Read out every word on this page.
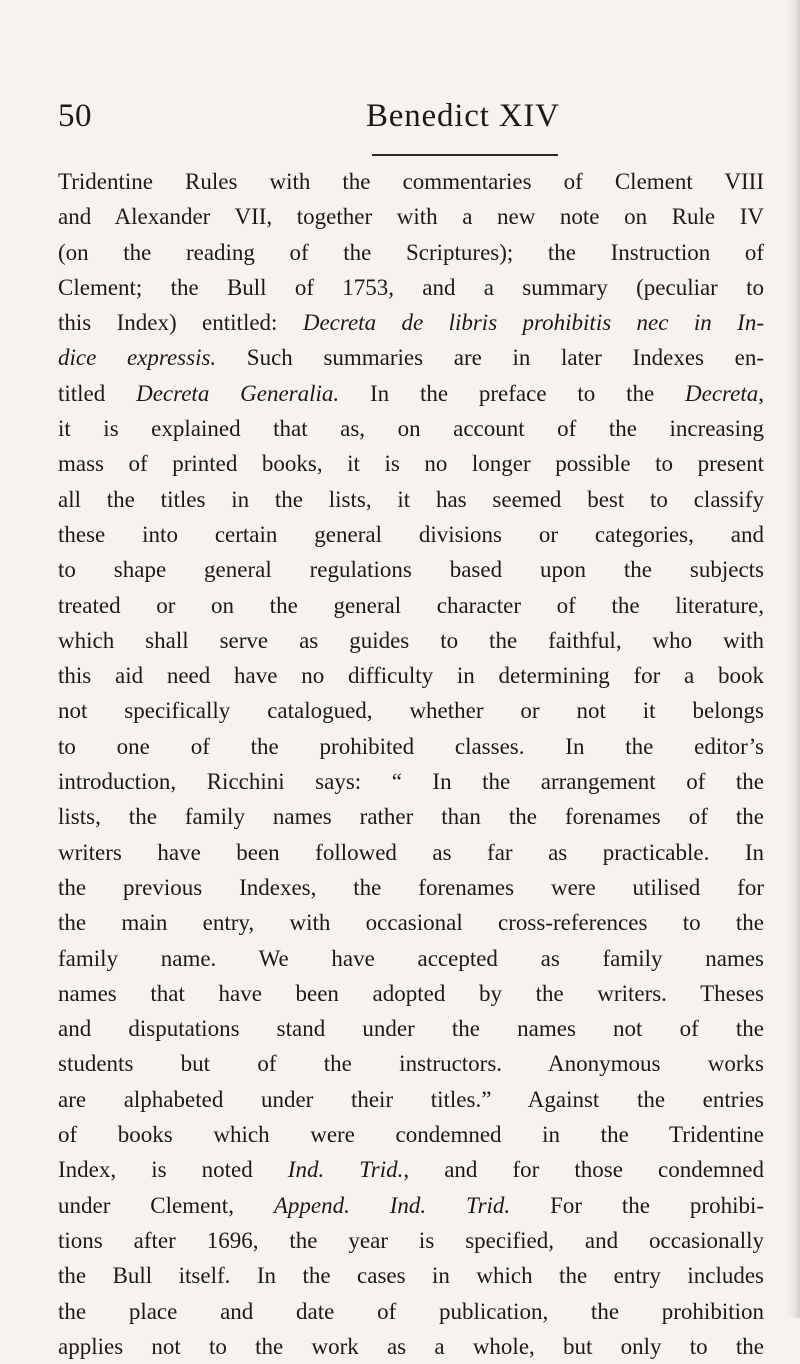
50	Benedict XIV
Tridentine Rules with the commentaries of Clement VIII
and Alexander VII, together with a new note on Rule IV
(on the reading of the Scriptures); the Instruction of
Clement; the Bull of 1753, and a summary (peculiar to
this Index) entitled: Decreta de libris prohibitis nec in In-
dice expressis. Such summaries are in later Indexes en-
titled Decreta Generalia. In the preface to the Decreta,
it is explained that as, on account of the increasing
mass of printed books, it is no longer possible to present
all the titles in the lists, it has seemed best to classify
these into certain general divisions or categories, and
to shape general regulations based upon the subjects
treated or on the general character of the literature,
which shall serve as guides to the faithful, who with
this aid need have no difficulty in determining for a book
not specifically catalogued, whether or not it belongs
to one of the prohibited classes. In the editor’s
introduction, Ricchini says: “ In the arrangement of the
lists, the family names rather than the forenames of the
writers have been followed as far as practicable. In
the previous Indexes, the forenames were utilised for
the main entry, with occasional cross-references to the
family name. We have accepted as family names
names that have been adopted by the writers. Theses
and disputations stand under the names not of the
students but of the instructors. Anonymous works
are alphabeted under their titles.” Against the entries
of books which were condemned in the Tridentine
Index, is noted Ind. Trid., and for those condemned
under Clement, Append. Ind. Trid. For the prohibi-
tions after 1696, the year is specified, and occasionally
the Bull itself. In the cases in which the entry includes
the place and date of publication, the prohibition
applies not to the work as a whole, but only to the
